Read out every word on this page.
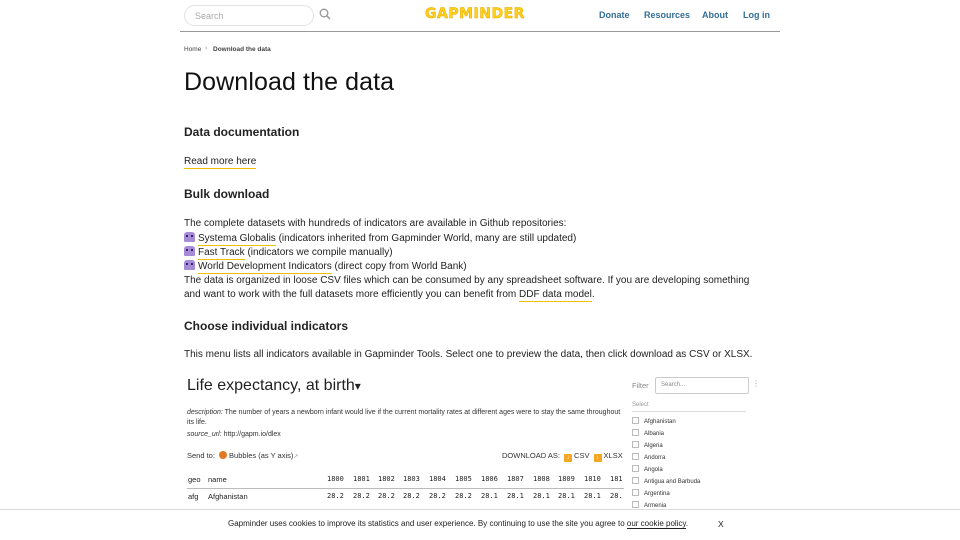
Search	GAPMINDER	Donate Resources About Log in
Home › Download the data
Download the data
Data documentation
Read more here
Bulk download
The complete datasets with hundreds of indicators are available in Github repositories:
Systema Globalis (indicators inherited from Gapminder World, many are still updated)
Fast Track (indicators we compile manually)
World Development Indicators (direct copy from World Bank)
The data is organized in loose CSV files which can be consumed by any spreadsheet software. If you are developing something
and want to work with the full datasets more efficiently you can benefit from DDF data model.
Choose individual indicators
This menu lists all indicators available in Gapminder Tools. Select one to preview the data, then click download as CSV or XLSX.
Life expectancy, at birth▾
description: The number of years a newborn infant would live if the current mortality rates at different ages were to stay the same throughout its life.
source_url: http://gapm.io/dlex
Send to: Bubbles (as Y axis)↗	DOWNLOAD AS: ↓ CSV ↓ XLSX
geo name	1800 1801 1802 1803 1804 1805 1806 1807 1808 1809 1810 181
afg Afghanistan	28.2 28.2 28.2 28.2 28.2 28.2 28.1 28.1 28.1 28.1 28.1 28.
Filter	Search...	⋮
Select
Afghanistan
Albania
Algeria
Andorra
Angola
Antigua and Barbuda
Argentina
Armenia
Gapminder uses cookies to improve its statistics and user experience. By continuing to use the site you agree to our cookie policy.	X
